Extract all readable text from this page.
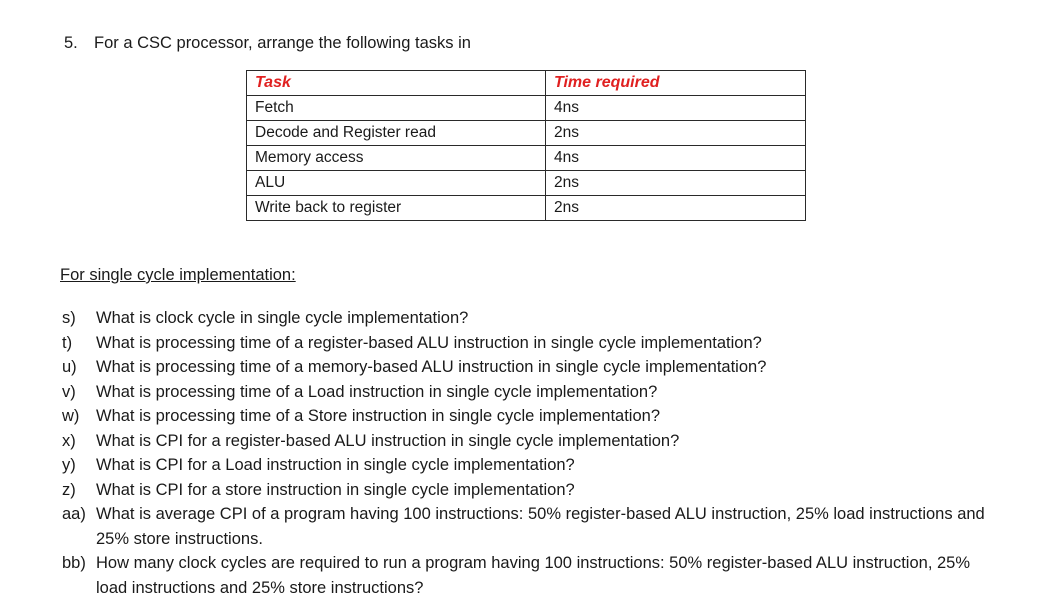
5. For a CSC processor, arrange the following tasks in
Task	Time required
Fetch	4ns
Decode and Register read	2ns
Memory access	4ns
ALU	2ns
Write back to register	2ns
For single cycle implementation:
s)	What is clock cycle in single cycle implementation?
t)	What is processing time of a register-based ALU instruction in single cycle implementation?
u)	What is processing time of a memory-based ALU instruction in single cycle implementation?
v)	What is processing time of a Load instruction in single cycle implementation?
w)	What is processing time of a Store instruction in single cycle implementation?
x)	What is CPI for a register-based ALU instruction in single cycle implementation?
y)	What is CPI for a Load instruction in single cycle implementation?
z)	What is CPI for a store instruction in single cycle implementation?
aa) What is average CPI of a program having 100 instructions: 50% register-based ALU instruction, 25% load instructions and 25% store instructions.
bb) How many clock cycles are required to run a program having 100 instructions: 50% register-based ALU instruction, 25% load instructions and 25% store instructions?
